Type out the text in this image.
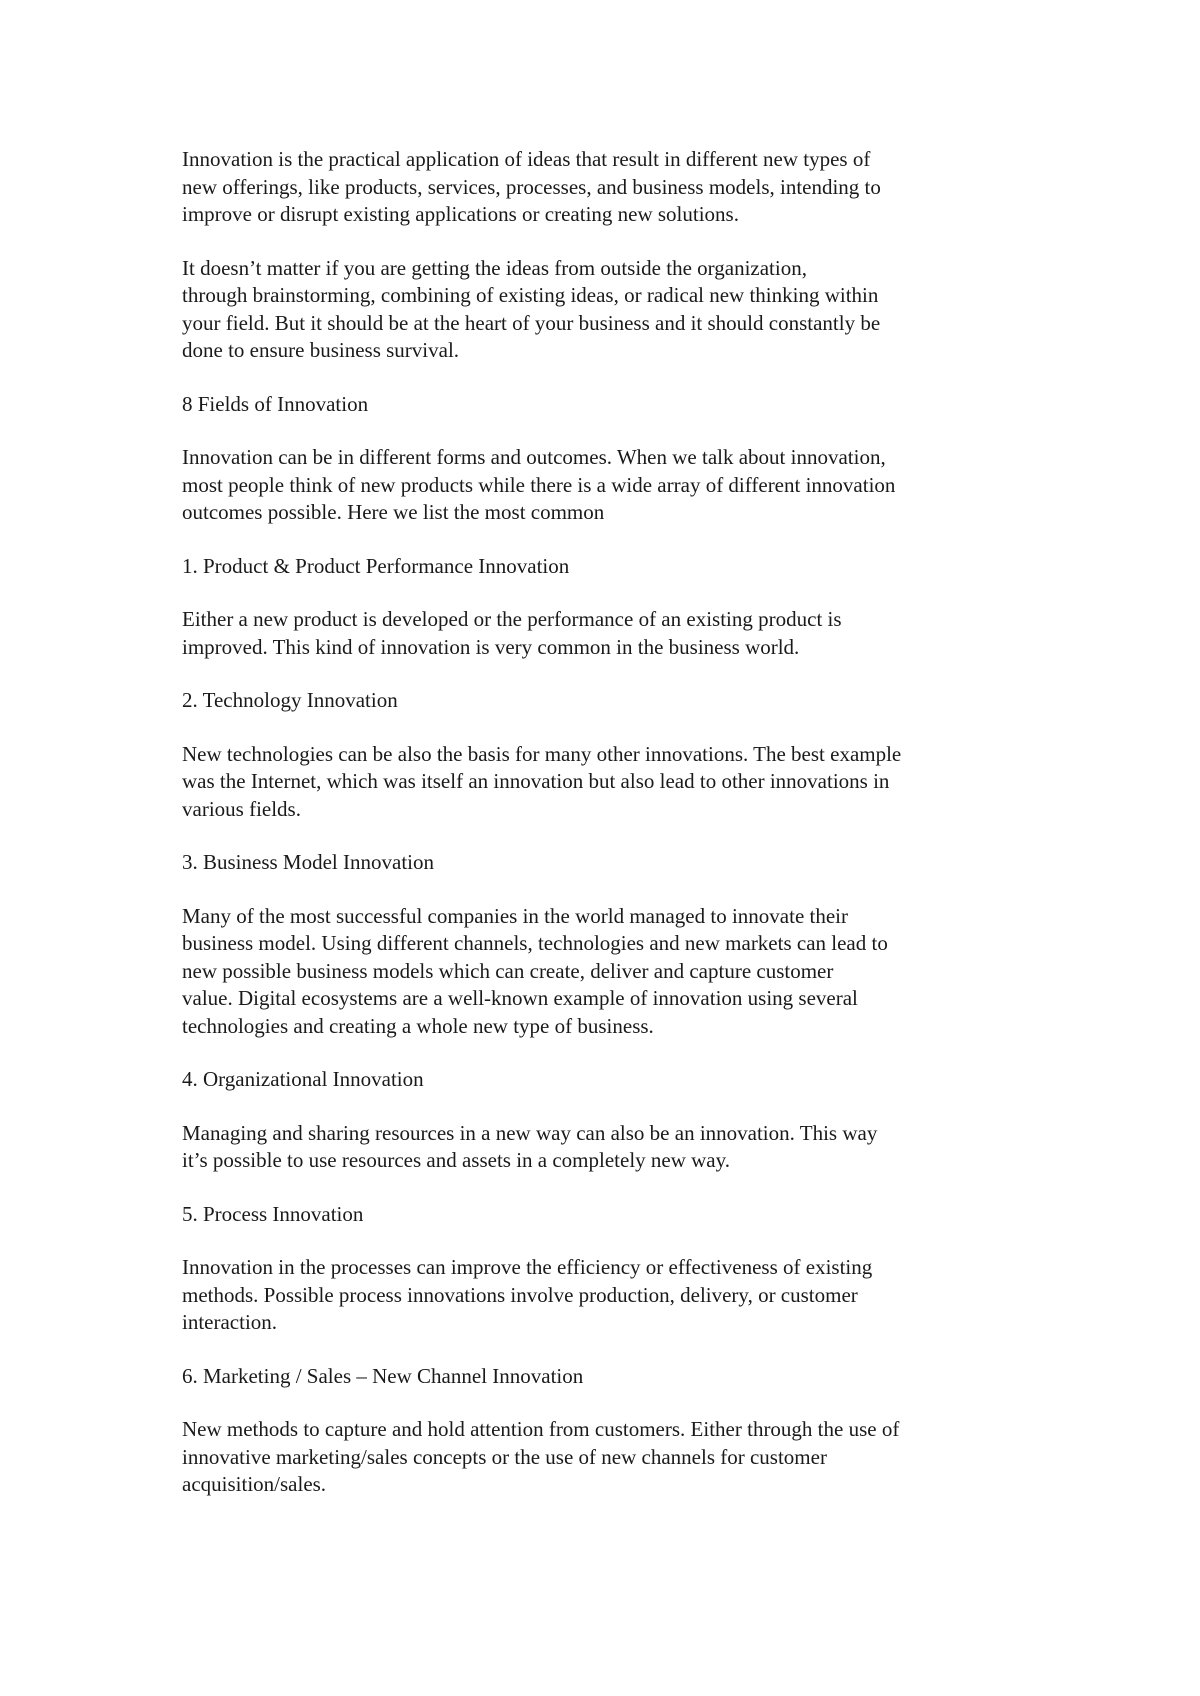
Innovation is the practical application of ideas that result in different new types of
new offerings, like products, services, processes, and business models, intending to
improve or disrupt existing applications or creating new solutions.

It doesn’t matter if you are getting the ideas from outside the organization,
through brainstorming, combining of existing ideas, or radical new thinking within
your field. But it should be at the heart of your business and it should constantly be
done to ensure business survival.

8 Fields of Innovation

Innovation can be in different forms and outcomes. When we talk about innovation,
most people think of new products while there is a wide array of different innovation
outcomes possible. Here we list the most common

1. Product & Product Performance Innovation

Either a new product is developed or the performance of an existing product is
improved. This kind of innovation is very common in the business world.

2. Technology Innovation

New technologies can be also the basis for many other innovations. The best example
was the Internet, which was itself an innovation but also lead to other innovations in
various fields.

3. Business Model Innovation

Many of the most successful companies in the world managed to innovate their
business model. Using different channels, technologies and new markets can lead to
new possible business models which can create, deliver and capture customer
value. Digital ecosystems are a well-known example of innovation using several
technologies and creating a whole new type of business.

4. Organizational Innovation

Managing and sharing resources in a new way can also be an innovation. This way
it’s possible to use resources and assets in a completely new way.

5. Process Innovation

Innovation in the processes can improve the efficiency or effectiveness of existing
methods. Possible process innovations involve production, delivery, or customer
interaction.

6. Marketing / Sales – New Channel Innovation

New methods to capture and hold attention from customers. Either through the use of
innovative marketing/sales concepts or the use of new channels for customer
acquisition/sales.
